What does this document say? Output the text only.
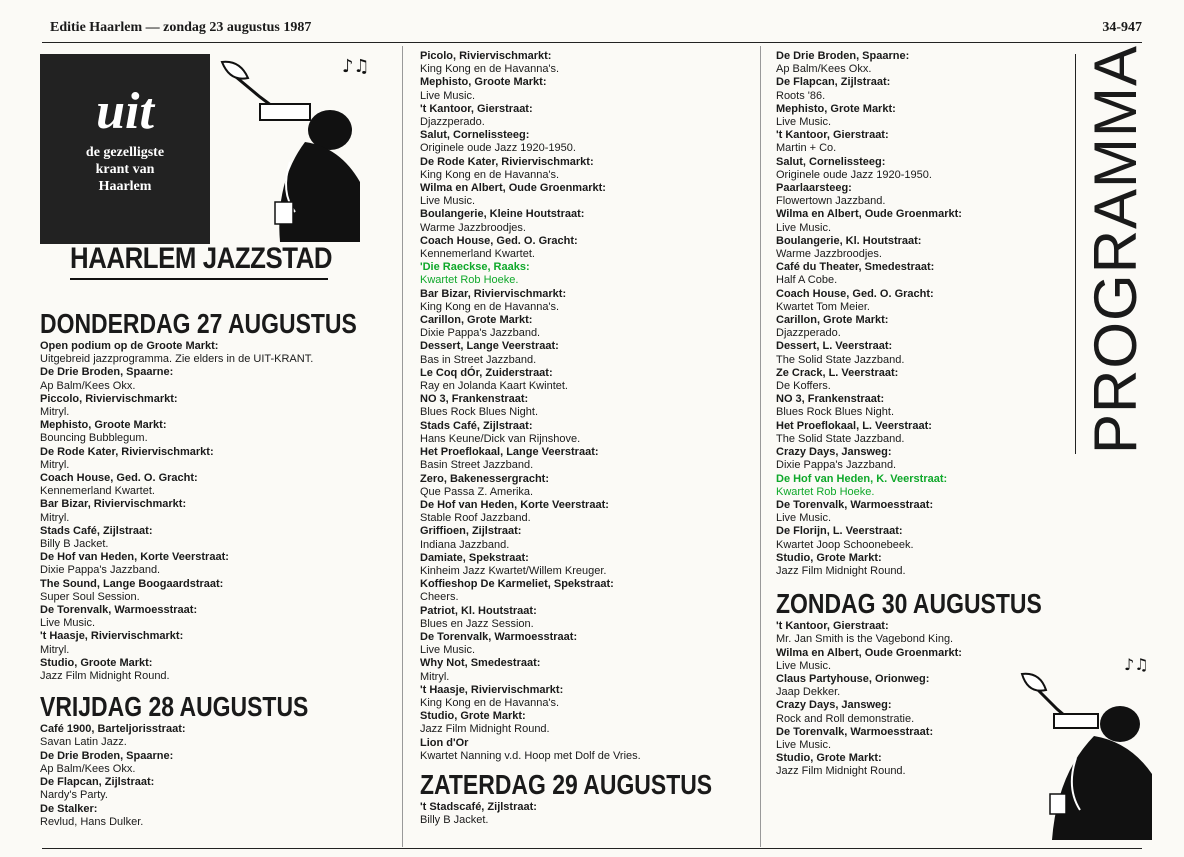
Editie Haarlem — zondag 23 augustus 1987	34-947
uit
de gezelligste
krant van
Haarlem
♪♫
HAARLEM JAZZSTAD
DONDERDAG 27 AUGUSTUS
Open podium op de Groote Markt:
Uitgebreid jazzprogramma. Zie elders in de UIT-KRANT.
De Drie Broden, Spaarne:
Ap Balm/Kees Okx.
Piccolo, Riviervischmarkt:
Mitryl.
Mephisto, Groote Markt:
Bouncing Bubblegum.
De Rode Kater, Riviervischmarkt:
Mitryl.
Coach House, Ged. O. Gracht:
Kennemerland Kwartet.
Bar Bizar, Riviervischmarkt:
Mitryl.
Stads Café, Zijlstraat:
Billy B Jacket.
De Hof van Heden, Korte Veerstraat:
Dixie Pappa's Jazzband.
The Sound, Lange Boogaardstraat:
Super Soul Session.
De Torenvalk, Warmoesstraat:
Live Music.
't Haasje, Riviervischmarkt:
Mitryl.
Studio, Groote Markt:
Jazz Film Midnight Round.
VRIJDAG 28 AUGUSTUS
Café 1900, Barteljorisstraat:
Savan Latin Jazz.
De Drie Broden, Spaarne:
Ap Balm/Kees Okx.
De Flapcan, Zijlstraat:
Nardy's Party.
De Stalker:
Revlud, Hans Dulker.
Picolo, Riviervischmarkt:
King Kong en de Havanna's.
Mephisto, Groote Markt:
Live Music.
't Kantoor, Gierstraat:
Djazzperado.
Salut, Cornelissteeg:
Originele oude Jazz 1920-1950.
De Rode Kater, Riviervischmarkt:
King Kong en de Havanna's.
Wilma en Albert, Oude Groenmarkt:
Live Music.
Boulangerie, Kleine Houtstraat:
Warme Jazzbroodjes.
Coach House, Ged. O. Gracht:
Kennemerland Kwartet.
'Die Raeckse, Raaks:
Kwartet Rob Hoeke.
Bar Bizar, Riviervischmarkt:
King Kong en de Havanna's.
Carillon, Grote Markt:
Dixie Pappa's Jazzband.
Dessert, Lange Veerstraat:
Bas in Street Jazzband.
Le Coq dÓr, Zuiderstraat:
Ray en Jolanda Kaart Kwintet.
NO 3, Frankenstraat:
Blues Rock Blues Night.
Stads Café, Zijlstraat:
Hans Keune/Dick van Rijnshove.
Het Proeflokaal, Lange Veerstraat:
Basin Street Jazzband.
Zero, Bakenessergracht:
Que Passa Z. Amerika.
De Hof van Heden, Korte Veerstraat:
Stable Roof Jazzband.
Griffioen, Zijlstraat:
Indiana Jazzband.
Damiate, Spekstraat:
Kinheim Jazz Kwartet/Willem Kreuger.
Koffieshop De Karmeliet, Spekstraat:
Cheers.
Patriot, Kl. Houtstraat:
Blues en Jazz Session.
De Torenvalk, Warmoesstraat:
Live Music.
Why Not, Smedestraat:
Mitryl.
't Haasje, Riviervischmarkt:
King Kong en de Havanna's.
Studio, Grote Markt:
Jazz Film Midnight Round.
Lion d'Or
Kwartet Nanning v.d. Hoop met Dolf de Vries.
ZATERDAG 29 AUGUSTUS
't Stadscafé, Zijlstraat:
Billy B Jacket.
De Drie Broden, Spaarne:
Ap Balm/Kees Okx.
De Flapcan, Zijlstraat:
Roots '86.
Mephisto, Grote Markt:
Live Music.
't Kantoor, Gierstraat:
Martin + Co.
Salut, Cornelissteeg:
Originele oude Jazz 1920-1950.
Paarlaarsteeg:
Flowertown Jazzband.
Wilma en Albert, Oude Groenmarkt:
Live Music.
Boulangerie, Kl. Houtstraat:
Warme Jazzbroodjes.
Café du Theater, Smedestraat:
Half A Cobe.
Coach House, Ged. O. Gracht:
Kwartet Tom Meier.
Carillon, Grote Markt:
Djazzperado.
Dessert, L. Veerstraat:
The Solid State Jazzband.
Ze Crack, L. Veerstraat:
De Koffers.
NO 3, Frankenstraat:
Blues Rock Blues Night.
Het Proeflokaal, L. Veerstraat:
The Solid State Jazzband.
Crazy Days, Jansweg:
Dixie Pappa's Jazzband.
De Hof van Heden, K. Veerstraat:
Kwartet Rob Hoeke.
De Torenvalk, Warmoesstraat:
Live Music.
De Florijn, L. Veerstraat:
Kwartet Joop Schoonebeek.
Studio, Grote Markt:
Jazz Film Midnight Round.
ZONDAG 30 AUGUSTUS
't Kantoor, Gierstraat:
Mr. Jan Smith is the Vagebond King.
Wilma en Albert, Oude Groenmarkt:
Live Music.
Claus Partyhouse, Orionweg:
Jaap Dekker.
Crazy Days, Jansweg:
Rock and Roll demonstratie.
De Torenvalk, Warmoesstraat:
Live Music.
Studio, Grote Markt:
Jazz Film Midnight Round.
PROGRAMMA
♪♫
